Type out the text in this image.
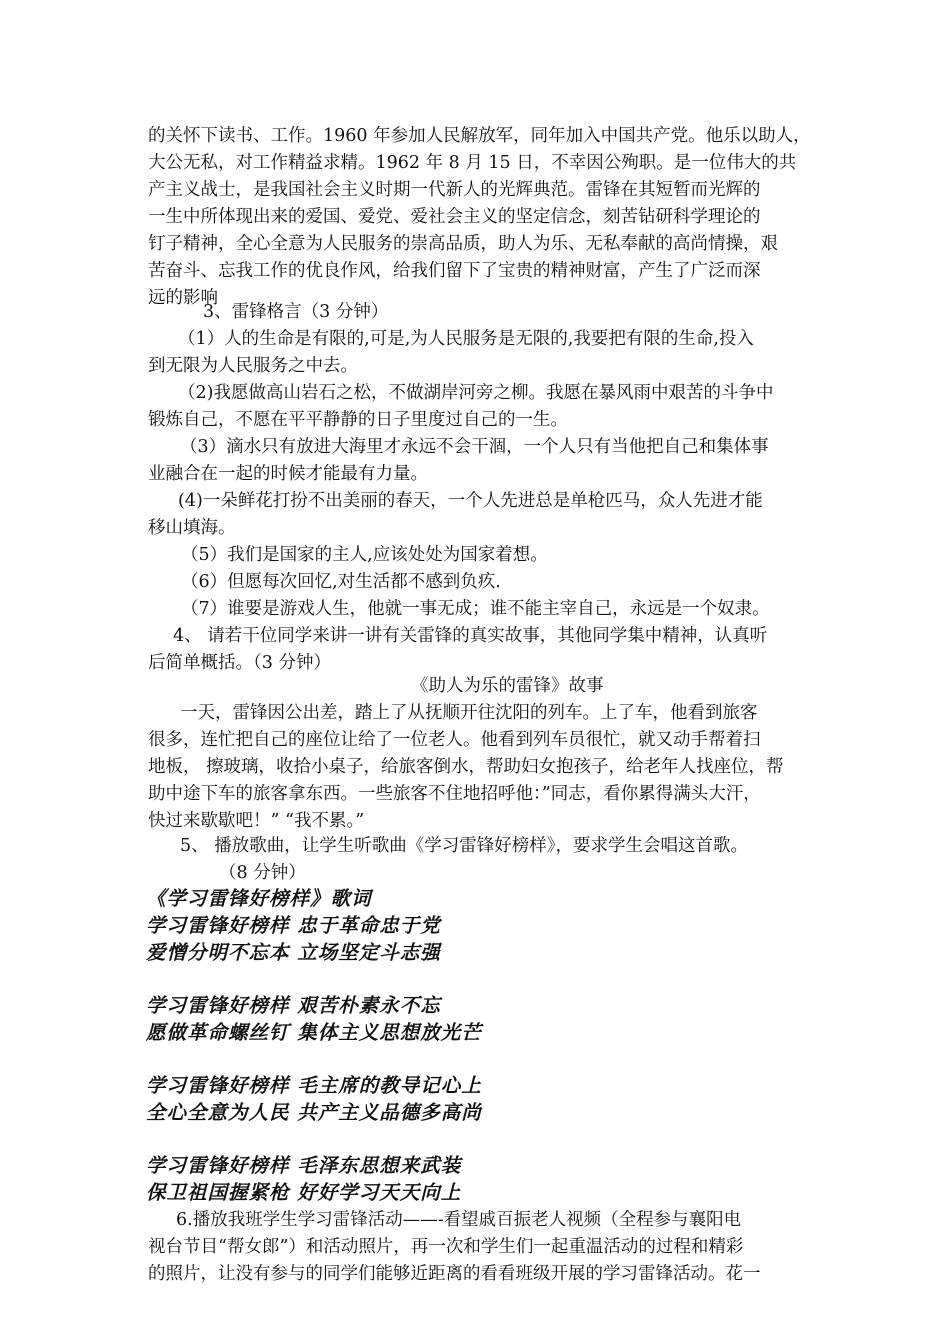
的关怀下读书、工作。1960 年参加人民解放军，同年加入中国共产党。他乐以助人，
大公无私，对工作精益求精。1962 年 8 月 15 日，不幸因公殉职。是一位伟大的共
产主义战士，是我国社会主义时期一代新人的光辉典范。雷锋在其短暂而光辉的
一生中所体现出来的爱国、爱党、爱社会主义的坚定信念，刻苦钻研科学理论的
钉子精神，全心全意为人民服务的崇高品质，助人为乐、无私奉献的高尚情操，艰
苦奋斗、忘我工作的优良作风，给我们留下了宝贵的精神财富，产生了广泛而深
远的影响
3、雷锋格言（3 分钟）
（1）人的生命是有限的,可是,为人民服务是无限的,我要把有限的生命,投入
到无限为人民服务之中去。
（2)我愿做高山岩石之松，不做湖岸河旁之柳。我愿在暴风雨中艰苦的斗争中
锻炼自己，不愿在平平静静的日子里度过自己的一生。
（3）滴水只有放进大海里才永远不会干涸，一个人只有当他把自己和集体事
业融合在一起的时候才能最有力量。
(4)一朵鲜花打扮不出美丽的春天，一个人先进总是单枪匹马，众人先进才能
移山填海。
（5）我们是国家的主人,应该处处为国家着想。
（6）但愿每次回忆,对生活都不感到负疚.
（7）谁要是游戏人生，他就一事无成；谁不能主宰自己，永远是一个奴隶。
4、 请若干位同学来讲一讲有关雷锋的真实故事，其他同学集中精神，认真听
后简单概括。（3 分钟）
《助人为乐的雷锋》故事
一天，雷锋因公出差，踏上了从抚顺开往沈阳的列车。上了车，他看到旅客
很多，连忙把自己的座位让给了一位老人。他看到列车员很忙，就又动手帮着扫
地板， 擦玻璃，收拾小桌子，给旅客倒水，帮助妇女抱孩子，给老年人找座位，帮
助中途下车的旅客拿东西。一些旅客不住地招呼他：”同志，看你累得满头大汗，
快过来歇歇吧！” “我不累。”
5、 播放歌曲，让学生听歌曲《学习雷锋好榜样》，要求学生会唱这首歌。
（8 分钟）
《学习雷锋好榜样》歌词
学习雷锋好榜样 忠于革命忠于党
爱憎分明不忘本 立场坚定斗志强
学习雷锋好榜样 艰苦朴素永不忘
愿做革命螺丝钉 集体主义思想放光芒
学习雷锋好榜样 毛主席的教导记心上
全心全意为人民 共产主义品德多高尚
学习雷锋好榜样 毛泽东思想来武装
保卫祖国握紧枪 好好学习天天向上
6.播放我班学生学习雷锋活动——-看望戚百振老人视频（全程参与襄阳电
视台节目“帮女郎”）和活动照片，再一次和学生们一起重温活动的过程和精彩
的照片，让没有参与的同学们能够近距离的看看班级开展的学习雷锋活动。花一
